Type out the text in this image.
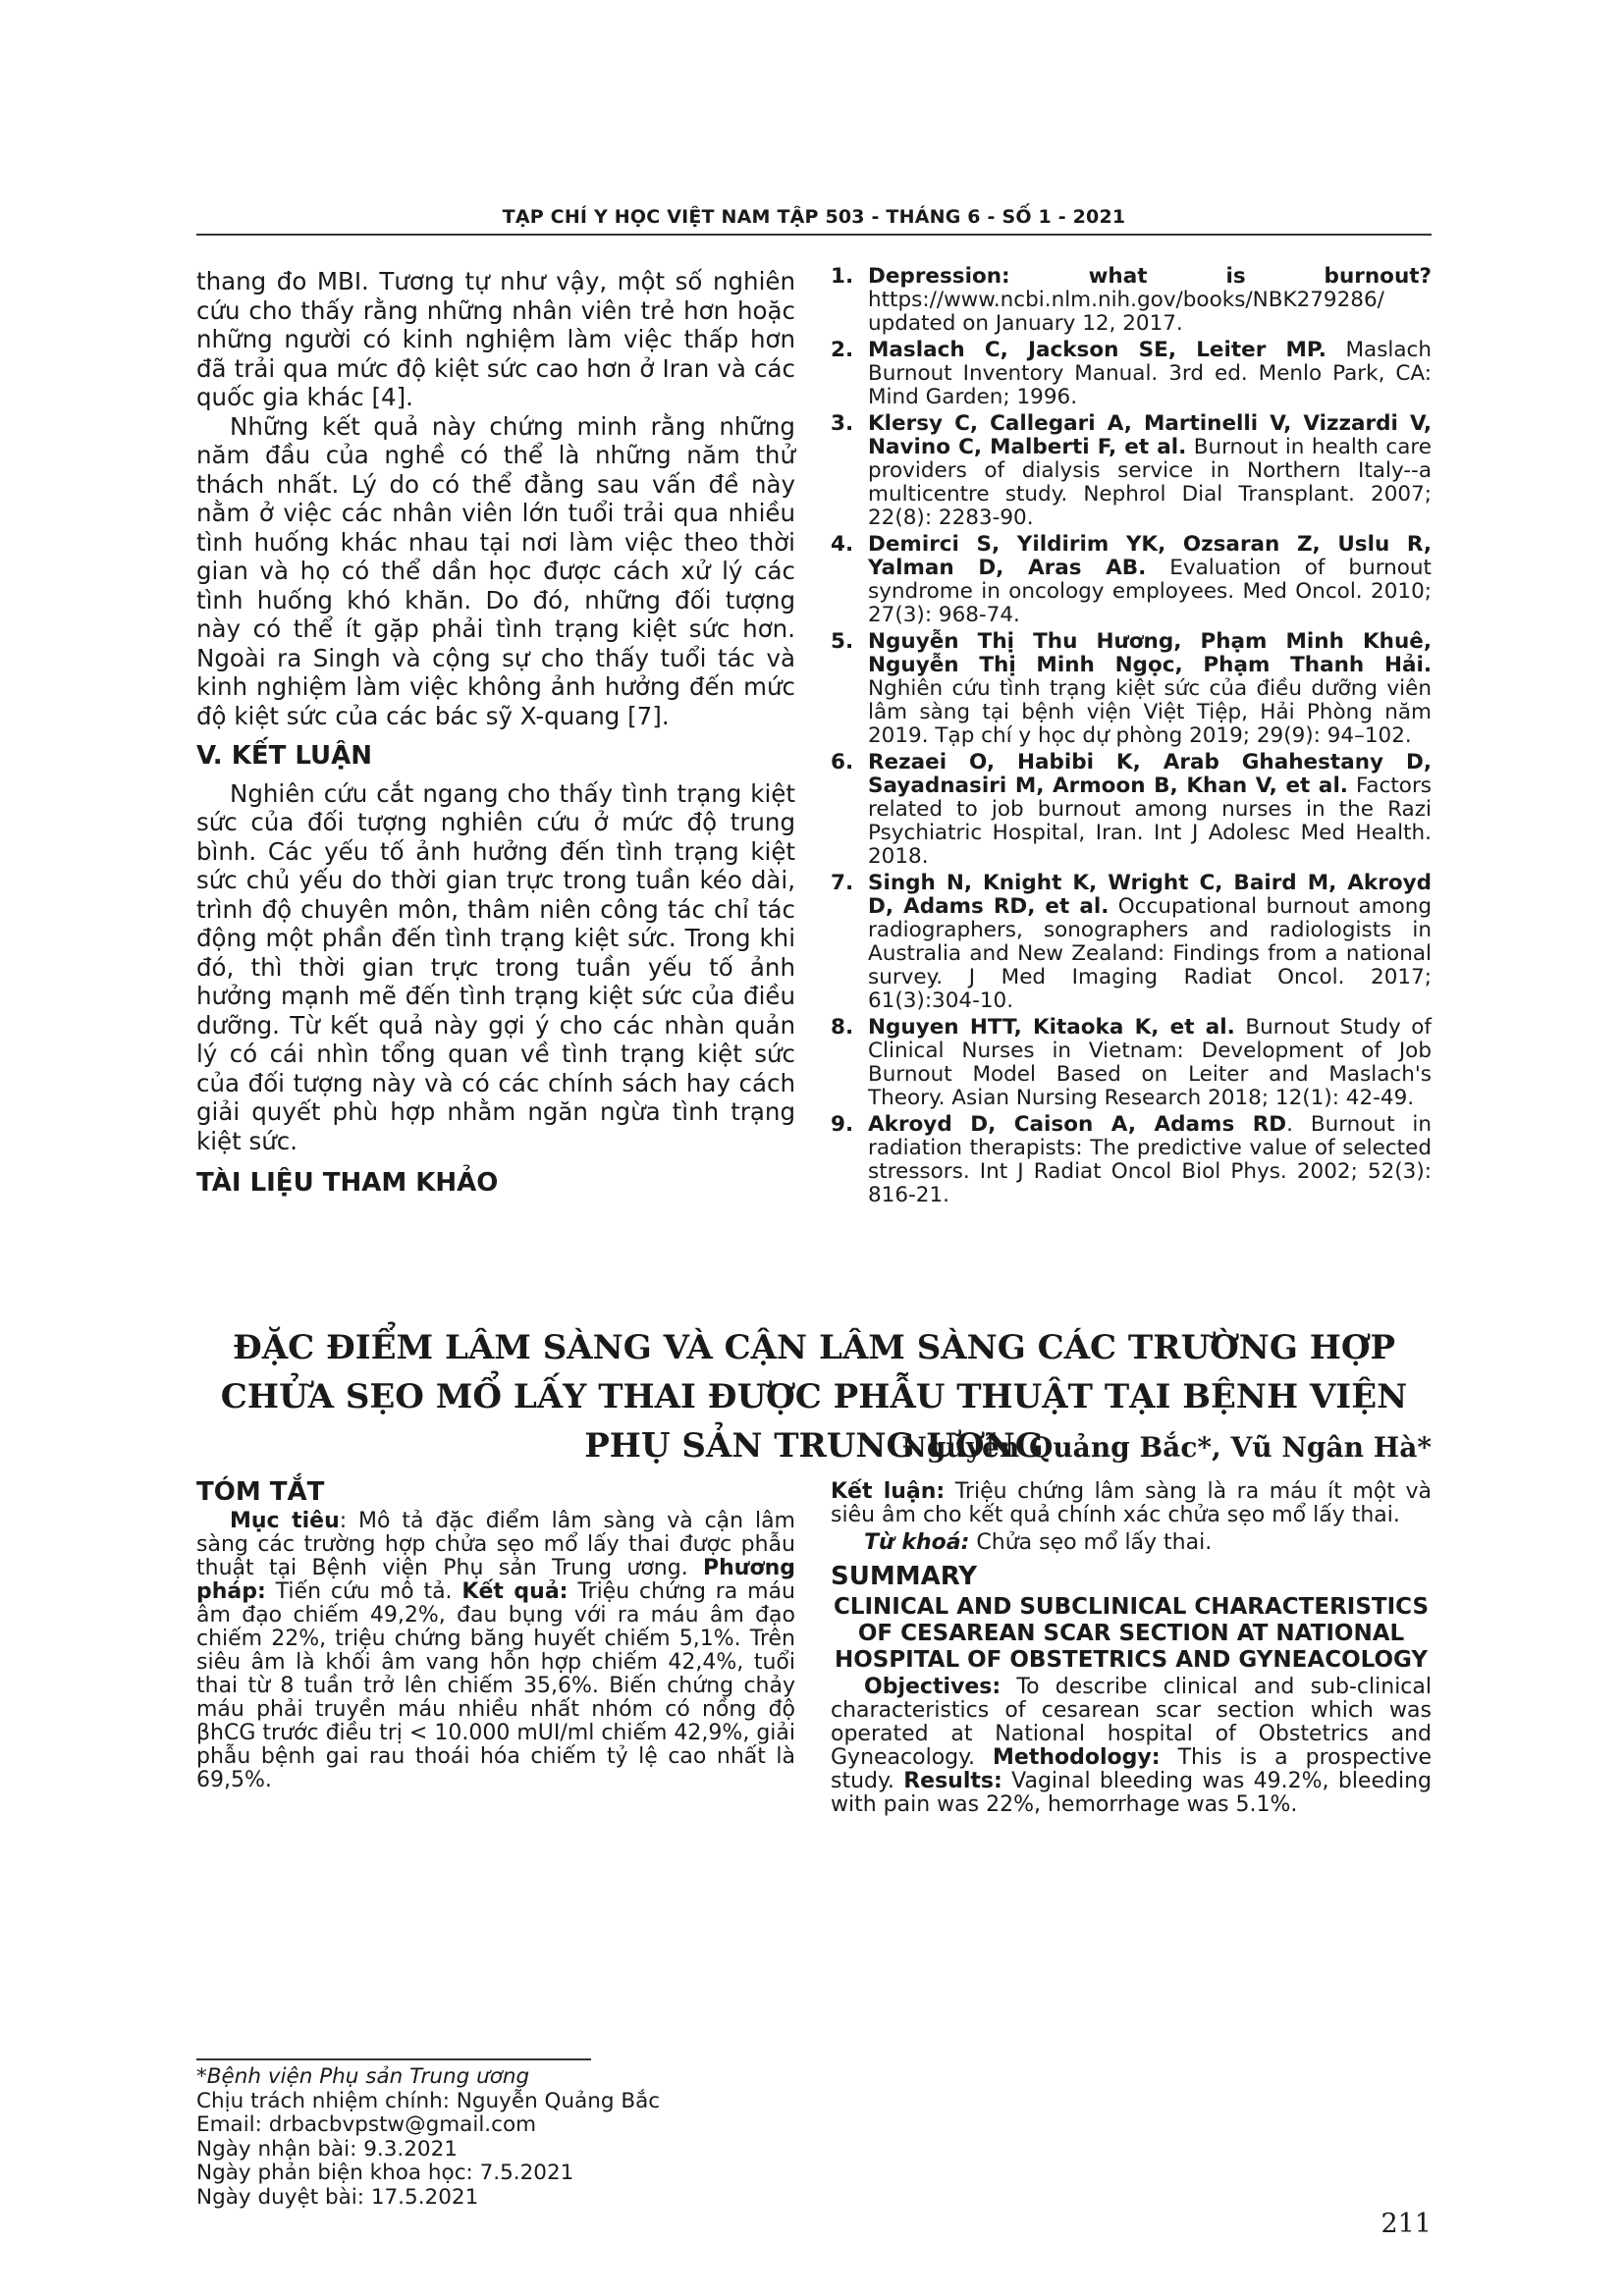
TẠP CHÍ Y HỌC VIỆT NAM TẬP 503 - THÁNG 6 - SỐ 1 - 2021

thang đo MBI. Tương tự như vậy, một số nghiên cứu cho thấy rằng những nhân viên trẻ hơn hoặc những người có kinh nghiệm làm việc thấp hơn đã trải qua mức độ kiệt sức cao hơn ở Iran và các quốc gia khác [4].

Những kết quả này chứng minh rằng những năm đầu của nghề có thể là những năm thử thách nhất. Lý do có thể đằng sau vấn đề này nằm ở việc các nhân viên lớn tuổi trải qua nhiều tình huống khác nhau tại nơi làm việc theo thời gian và họ có thể dần học được cách xử lý các tình huống khó khăn. Do đó, những đối tượng này có thể ít gặp phải tình trạng kiệt sức hơn. Ngoài ra Singh và cộng sự cho thấy tuổi tác và kinh nghiệm làm việc không ảnh hưởng đến mức độ kiệt sức của các bác sỹ X-quang [7].

V. KẾT LUẬN

Nghiên cứu cắt ngang cho thấy tình trạng kiệt sức của đối tượng nghiên cứu ở mức độ trung bình. Các yếu tố ảnh hưởng đến tình trạng kiệt sức chủ yếu do thời gian trực trong tuần kéo dài, trình độ chuyên môn, thâm niên công tác chỉ tác động một phần đến tình trạng kiệt sức. Trong khi đó, thì thời gian trực trong tuần yếu tố ảnh hưởng mạnh mẽ đến tình trạng kiệt sức của điều dưỡng. Từ kết quả này gợi ý cho các nhàn quản lý có cái nhìn tổng quan về tình trạng kiệt sức của đối tượng này và có các chính sách hay cách giải quyết phù hợp nhằm ngăn ngừa tình trạng kiệt sức.

TÀI LIỆU THAM KHẢO
1. Depression: what is burnout? https://www.ncbi.nlm.nih.gov/books/NBK279286/ updated on January 12, 2017.
2. Maslach C, Jackson SE, Leiter MP. Maslach Burnout Inventory Manual. 3rd ed. Menlo Park, CA: Mind Garden; 1996.
3. Klersy C, Callegari A, Martinelli V, Vizzardi V, Navino C, Malberti F, et al. Burnout in health care providers of dialysis service in Northern Italy--a multicentre study. Nephrol Dial Transplant. 2007; 22(8): 2283-90.
4. Demirci S, Yildirim YK, Ozsaran Z, Uslu R, Yalman D, Aras AB. Evaluation of burnout syndrome in oncology employees. Med Oncol. 2010; 27(3): 968-74.
5. Nguyễn Thị Thu Hương, Phạm Minh Khuê, Nguyễn Thị Minh Ngọc, Phạm Thanh Hải. Nghiên cứu tình trạng kiệt sức của điều dưỡng viên lâm sàng tại bệnh viện Việt Tiệp, Hải Phòng năm 2019. Tạp chí y học dự phòng 2019; 29(9): 94–102.
6. Rezaei O, Habibi K, Arab Ghahestany D, Sayadnasiri M, Armoon B, Khan V, et al. Factors related to job burnout among nurses in the Razi Psychiatric Hospital, Iran. Int J Adolesc Med Health. 2018.
7. Singh N, Knight K, Wright C, Baird M, Akroyd D, Adams RD, et al. Occupational burnout among radiographers, sonographers and radiologists in Australia and New Zealand: Findings from a national survey. J Med Imaging Radiat Oncol. 2017; 61(3):304-10.
8. Nguyen HTT, Kitaoka K, et al. Burnout Study of Clinical Nurses in Vietnam: Development of Job Burnout Model Based on Leiter and Maslach's Theory. Asian Nursing Research 2018; 12(1): 42-49.
9. Akroyd D, Caison A, Adams RD. Burnout in radiation therapists: The predictive value of selected stressors. Int J Radiat Oncol Biol Phys. 2002; 52(3): 816-21.
ĐẶC ĐIỂM LÂM SÀNG VÀ CẬN LÂM SÀNG CÁC TRƯỜNG HỢP CHỬA SẸO MỔ LẤY THAI ĐƯỢC PHẪU THUẬT TẠI BỆNH VIỆN PHỤ SẢN TRUNG ƯƠNG
Nguyễn Quảng Bắc*, Vũ Ngân Hà*
TÓM TẮT

Mục tiêu: Mô tả đặc điểm lâm sàng và cận lâm sàng các trường hợp chửa sẹo mổ lấy thai được phẫu thuật tại Bệnh viện Phụ sản Trung ương. Phương pháp: Tiến cứu mô tả. Kết quả: Triệu chứng ra máu âm đạo chiếm 49,2%, đau bụng với ra máu âm đạo chiếm 22%, triệu chứng băng huyết chiếm 5,1%. Trên siêu âm là khối âm vang hỗn hợp chiếm 42,4%, tuổi thai từ 8 tuần trở lên chiếm 35,6%. Biến chứng chảy máu phải truyền máu nhiều nhất nhóm có nồng độ βhCG trước điều trị < 10.000 mUI/ml chiếm 42,9%, giải phẫu bệnh gai rau thoái hóa chiếm tỷ lệ cao nhất là 69,5%.

Kết luận: Triệu chứng lâm sàng là ra máu ít một và siêu âm cho kết quả chính xác chửa sẹo mổ lấy thai.

Từ khoá: Chửa sẹo mổ lấy thai.

SUMMARY
CLINICAL AND SUBCLINICAL CHARACTERISTICS OF CESAREAN SCAR SECTION AT NATIONAL HOSPITAL OF OBSTETRICS AND GYNEACOLOGY

Objectives: To describe clinical and sub-clinical characteristics of cesarean scar section which was operated at National hospital of Obstetrics and Gyneacology. Methodology: This is a prospective study. Results: Vaginal bleeding was 49.2%, bleeding with pain was 22%, hemorrhage was 5.1%.

*Bệnh viện Phụ sản Trung ương
Chịu trách nhiệm chính: Nguyễn Quảng Bắc
Email: drbacbvpstw@gmail.com
Ngày nhận bài: 9.3.2021
Ngày phản biện khoa học: 7.5.2021
Ngày duyệt bài: 17.5.2021
211
